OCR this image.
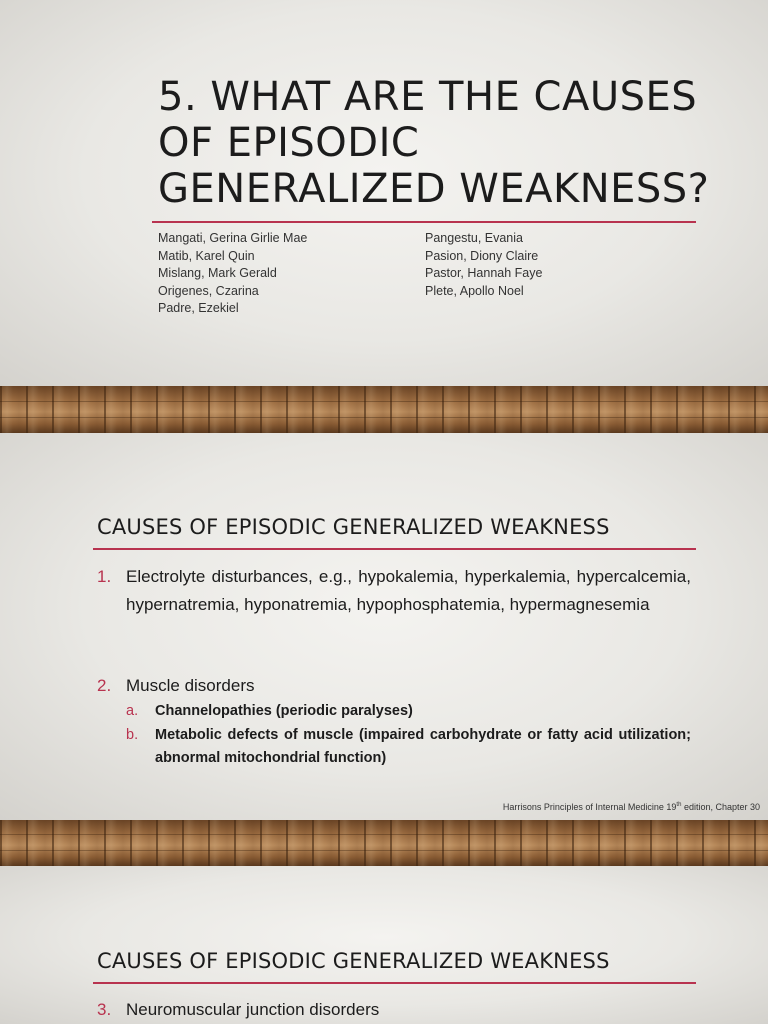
5. WHAT ARE THE CAUSES
OF EPISODIC
GENERALIZED WEAKNESS?
Mangati, Gerina Girlie Mae
Matib, Karel Quin
Mislang, Mark Gerald
Origenes, Czarina
Padre, Ezekiel
Pangestu, Evania
Pasion, Diony Claire
Pastor, Hannah Faye
Plete, Apollo Noel
CAUSES OF EPISODIC GENERALIZED WEAKNESS
1. Electrolyte disturbances, e.g., hypokalemia, hyperkalemia, hypercalcemia, hypernatremia, hyponatremia, hypophosphatemia, hypermagnesemia
2. Muscle disorders
a. Channelopathies (periodic paralyses)
b. Metabolic defects of muscle (impaired carbohydrate or fatty acid utilization; abnormal mitochondrial function)
Harrisons Principles of Internal Medicine 19th edition, Chapter 30
CAUSES OF EPISODIC GENERALIZED WEAKNESS
3. Neuromuscular junction disorders
